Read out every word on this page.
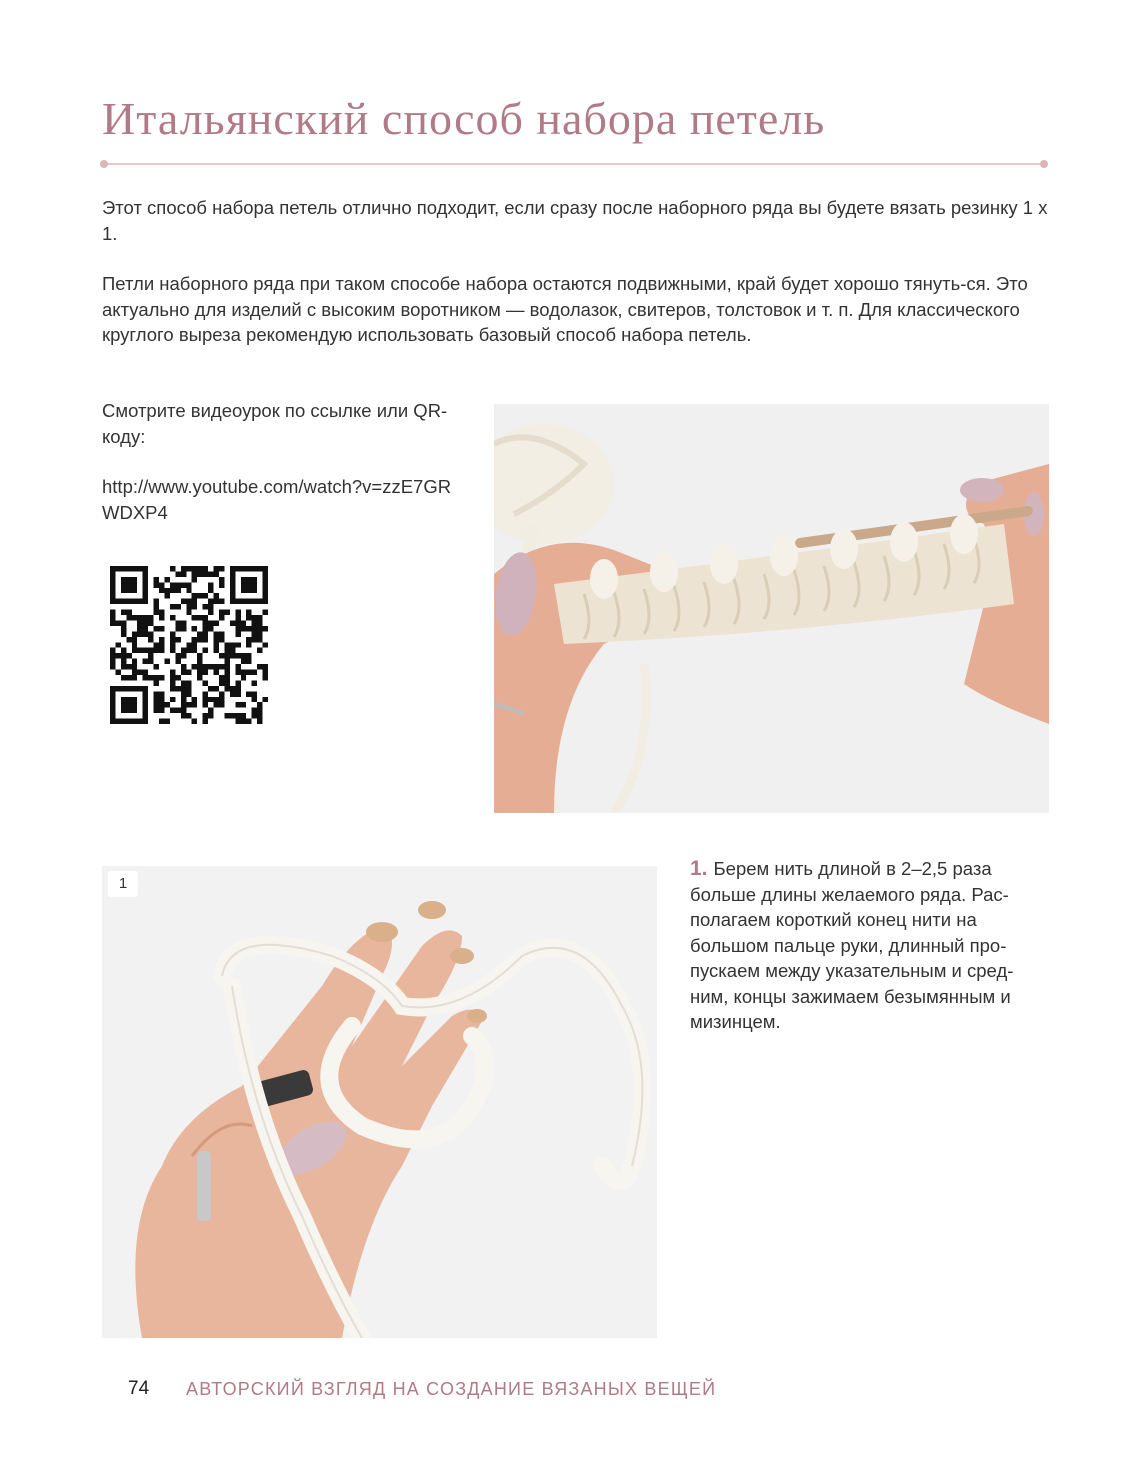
Итальянский способ набора петель

Этот способ набора петель отлично подходит, если сразу после наборного ряда вы будете вязать резинку 1 х 1.

Петли наборного ряда при таком способе набора остаются подвижными, край будет хорошо тянуть-ся. Это актуально для изделий с высоким воротником — водолазок, свитеров, толстовок и т. п. Для классического круглого выреза рекомендую использовать базовый способ набора петель.

Смотрите видеоурок по ссылке или QR-коду:

http://www.youtube.com/watch?v=zzE7GRWDXP4

1

1. Берем нить длиной в 2–2,5 раза больше длины желаемого ряда. Рас-полагаем короткий конец нити на большом пальце руки, длинный про-пускаем между указательным и сред-ним, концы зажимаем безымянным и мизинцем.

74 АВТОРСКИЙ ВЗГЛЯД НА СОЗДАНИЕ ВЯЗАНЫХ ВЕЩЕЙ
